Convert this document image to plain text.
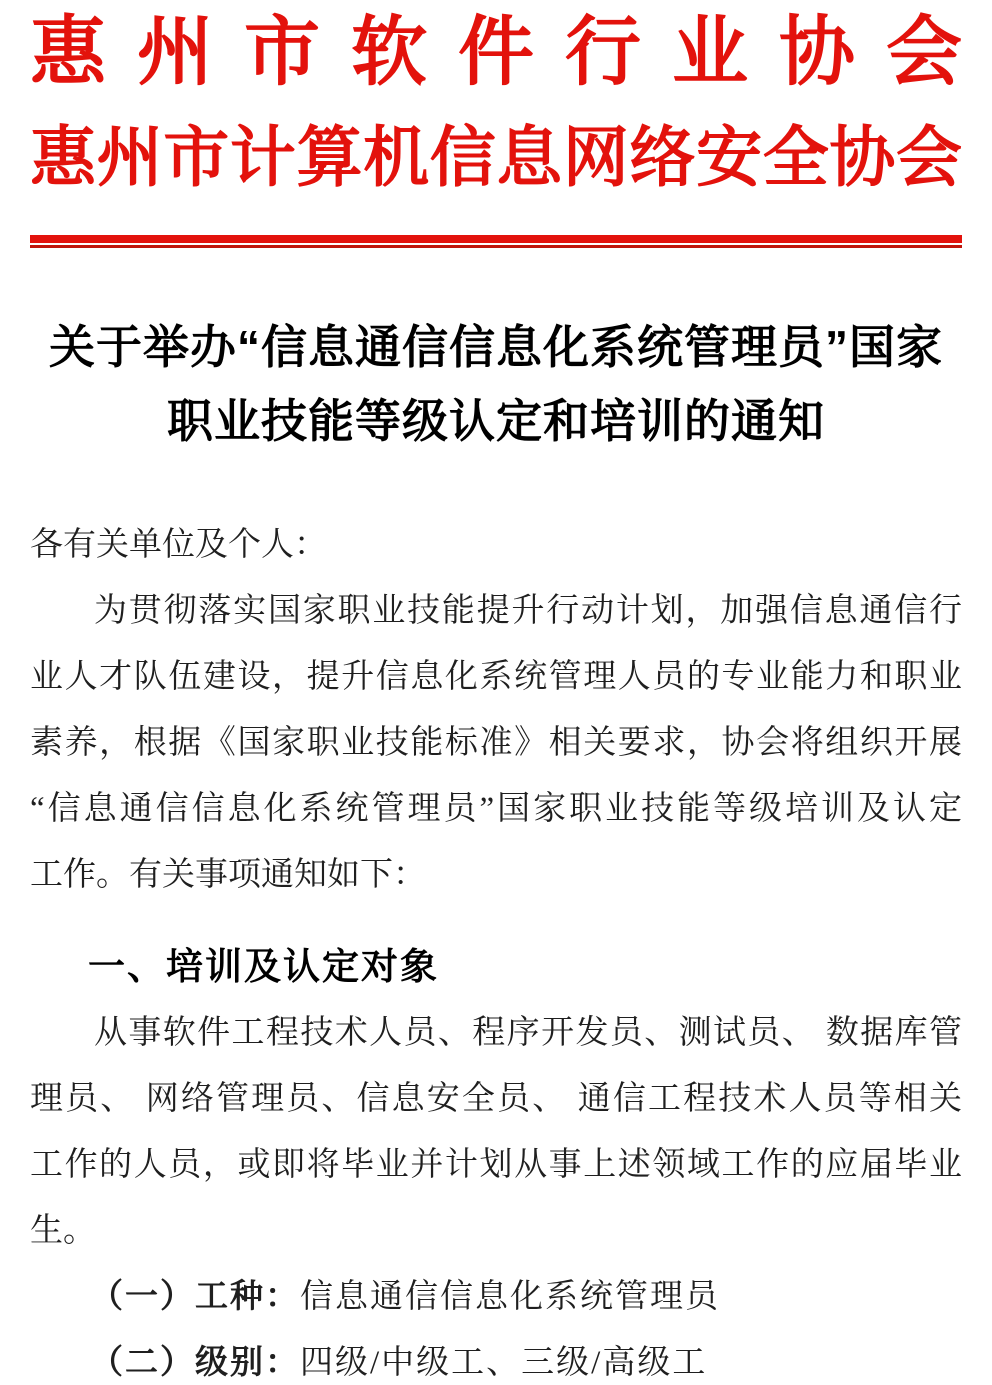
惠州市软件行业协会
惠州市计算机信息网络安全协会
关于举办“信息通信信息化系统管理员”国家
职业技能等级认定和培训的通知

各有关单位及个人：

为贯彻落实国家职业技能提升行动计划，加强信息通信行
业人才队伍建设，提升信息化系统管理人员的专业能力和职业
素养，根据《国家职业技能标准》相关要求，协会将组织开展
“信息通信信息化系统管理员”国家职业技能等级培训及认定
工作。有关事项通知如下：
一、培训及认定对象
从事软件工程技术人员、程序开发员、测试员、 数据库管
理员、 网络管理员、信息安全员、 通信工程技术人员等相关
工作的人员，或即将毕业并计划从事上述领域工作的应届毕业
生。
（一）工种：信息通信信息化系统管理员
（二）级别：四级/中级工、三级/高级工
